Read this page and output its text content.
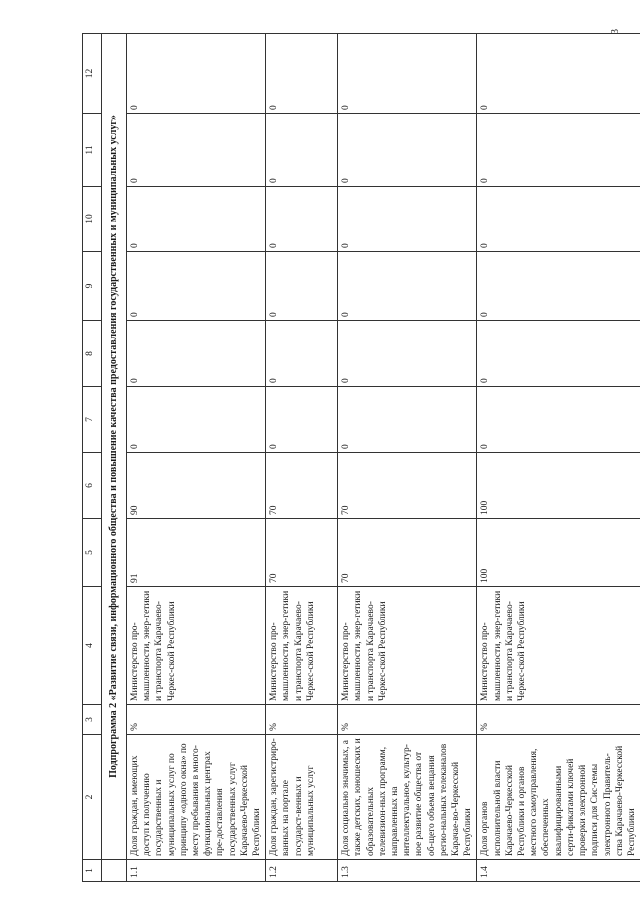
3
1	2	3	4	5	6	7	8	9	10	11	12
	Подпрограмма 2 «Развитие связи, информационного общества и повышение качества предоставления государственных и муниципальных услуг»										
1.1	Доля граждан, имеющих доступ к получению государственных и муниципальных услуг по принципу «одного окна» по месту пребывания в много-функциональных центрах пре-доставления государственных услуг Карачаево-Черкесской Республики	%	Министерство про-мышленности, энер-гетики и транспорта Карачаево-Черкес-ской Республики	91	90	0	0	0	0	0	0
1.2	Доля граждан, зарегистриро-ванных на портале государст-венных и муниципальных услуг	%	Министерство про-мышленности, энер-гетики и транспорта Карачаево-Черкес-ской Республики	70	70	0	0	0	0	0	0
1.3	Доля социально значимых, а также детских, юношеских и образовательных телевизион-ных программ, направленных на интеллектуальное, культур-ное развитие общества от об-щего объема вещания регио-нальных телеканалов Карачае-во-Черкесской Республики	%	Министерство про-мышленности, энер-гетики и транспорта Карачаево-Черкес-ской Республики	70	70	0	0	0	0	0	0
1.4	Доля органов исполнительной власти Карачаево-Черкесской Республики и органов местного самоуправления, обеспеченных квалифицированными серти-фикатами ключей проверки электронной подписи для Сис-темы электронного Правитель-ства Карачаево-Черкесской Республики	%	Министерство про-мышленности, энер-гетики и транспорта Карачаево-Черкес-ской Республики	100	100	0	0	0	0	0	0
